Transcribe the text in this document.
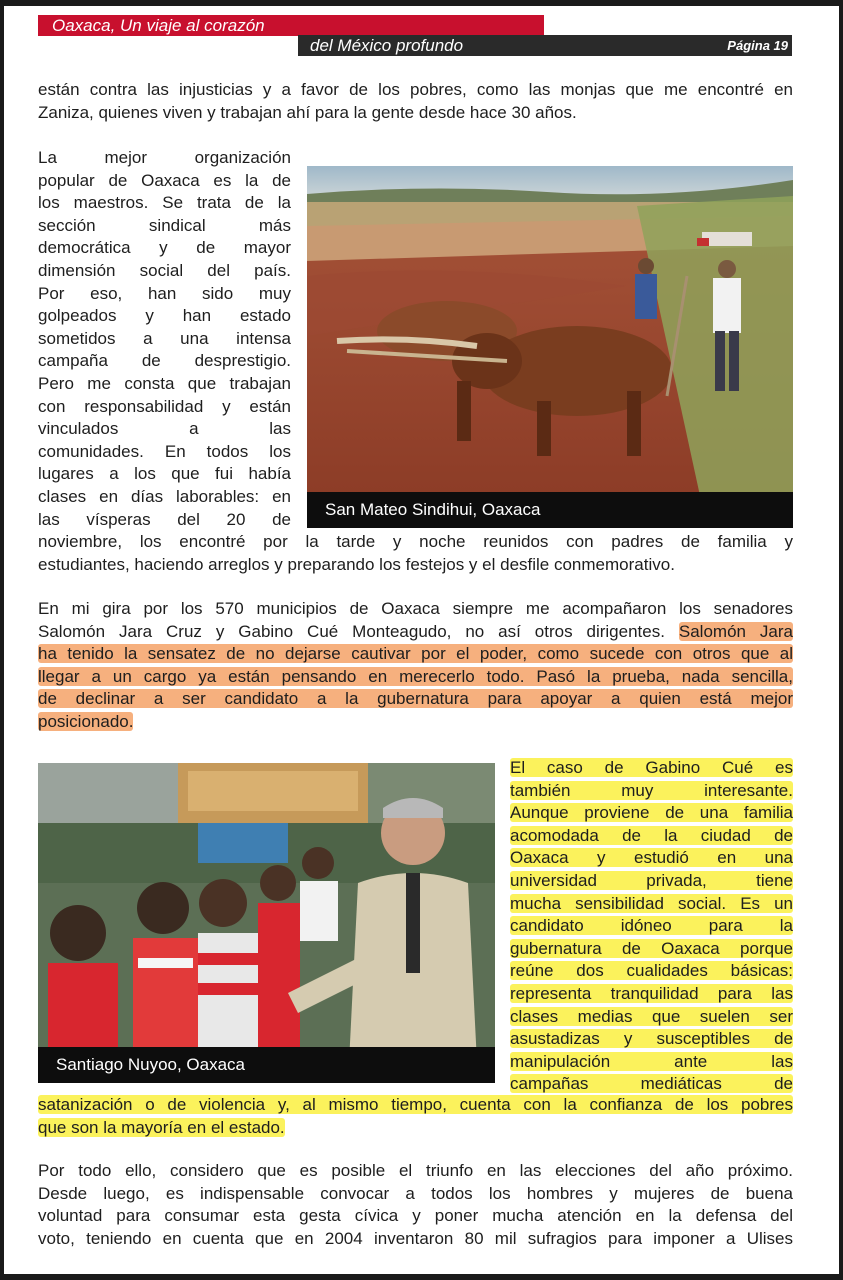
Oaxaca, Un viaje al corazón
del México profundo	Página 19
están contra las injusticias y a favor de los pobres, como las monjas que me encontré en
Zaniza, quienes viven y trabajan ahí para la gente desde hace 30 años.
La mejor organización
popular de Oaxaca es la de
los maestros. Se trata de la
sección sindical más
democrática y de mayor
dimensión social del país.
Por eso, han sido muy
golpeados y han estado
sometidos a una intensa
campaña de desprestigio.
Pero me consta que trabajan
con responsabilidad y están
vinculados a las
comunidades. En todos los
lugares a los que fui había
clases en días laborables: en
las vísperas del 20 de	San Mateo Sindihui, Oaxaca
noviembre, los encontré por la tarde y noche reunidos con padres de familia y
estudiantes, haciendo arreglos y preparando los festejos y el desfile conmemorativo.
En mi gira por los 570 municipios de Oaxaca siempre me acompañaron los senadores
Salomón Jara Cruz y Gabino Cué Monteagudo, no así otros dirigentes. Salomón Jara
ha tenido la sensatez de no dejarse cautivar por el poder, como sucede con otros que al
llegar a un cargo ya están pensando en merecerlo todo. Pasó la prueba, nada sencilla,
de declinar a ser candidato a la gubernatura para apoyar a quien está mejor
posicionado.
Santiago Nuyoo, Oaxaca
El caso de Gabino Cué es
también muy interesante.
Aunque proviene de una familia
acomodada de la ciudad de
Oaxaca y estudió en una
universidad privada, tiene
mucha sensibilidad social. Es un
candidato idóneo para la
gubernatura de Oaxaca porque
reúne dos cualidades básicas:
representa tranquilidad para las
clases medias que suelen ser
asustadizas y susceptibles de
manipulación ante las
campañas mediáticas de
satanización o de violencia y, al mismo tiempo, cuenta con la confianza de los pobres
que son la mayoría en el estado.
Por todo ello, considero que es posible el triunfo en las elecciones del año próximo.
Desde luego, es indispensable convocar a todos los hombres y mujeres de buena
voluntad para consumar esta gesta cívica y poner mucha atención en la defensa del
voto, teniendo en cuenta que en 2004 inventaron 80 mil sufragios para imponer a Ulises
